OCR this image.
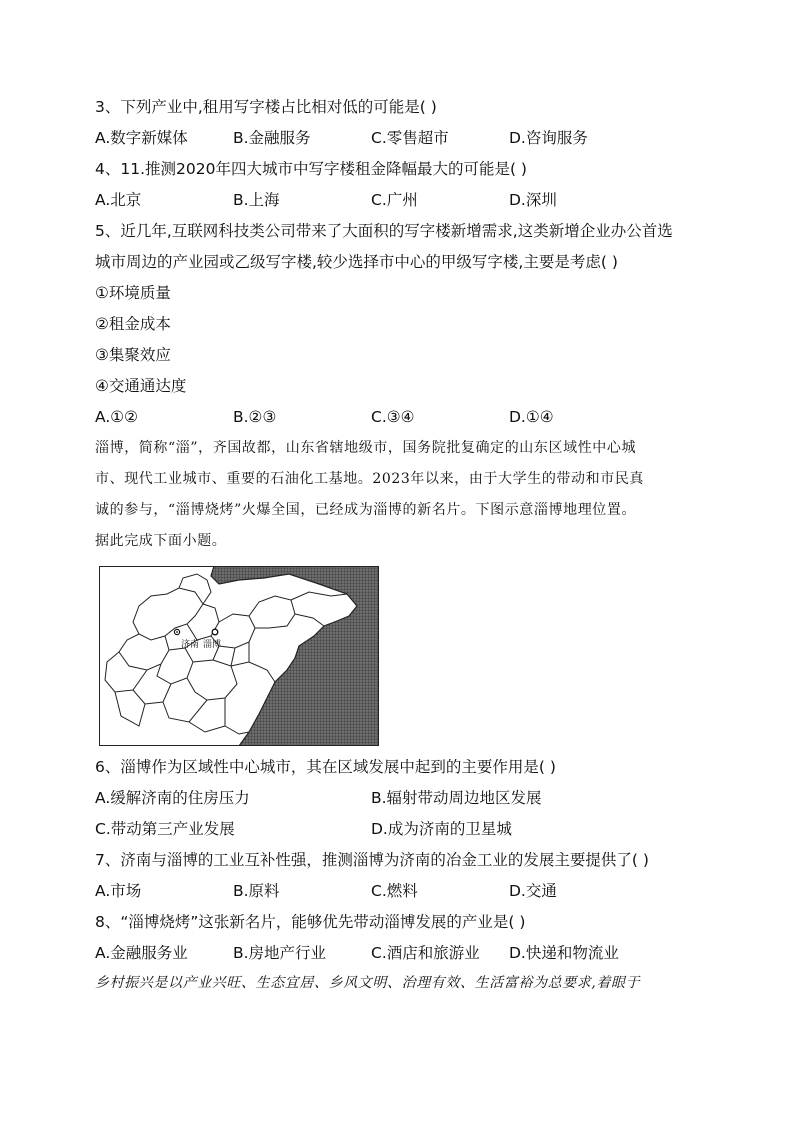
3、下列产业中,租用写字楼占比相对低的可能是( )
A.数字新媒体	B.金融服务	C.零售超市	D.咨询服务
4、11.推测2020年四大城市中写字楼租金降幅最大的可能是( )
A.北京	B.上海	C.广州	D.深圳
5、近几年,互联网科技类公司带来了大面积的写字楼新增需求,这类新增企业办公首选
城市周边的产业园或乙级写字楼,较少选择市中心的甲级写字楼,主要是考虑( )
①环境质量
②租金成本
③集聚效应
④交通通达度
A.①②	B.②③	C.③④	D.①④

淄博，简称“淄”，齐国故都，山东省辖地级市，国务院批复确定的山东区域性中心城

市、现代工业城市、重要的石油化工基地。2023年以来，由于大学生的带动和市民真

诚的参与，“淄博烧烤”火爆全国，已经成为淄博的新名片。下图示意淄博地理位置。

据此完成下面小题。

济南 淄博
6、淄博作为区域性中心城市，其在区域发展中起到的主要作用是( )
A.缓解济南的住房压力	B.辐射带动周边地区发展
C.带动第三产业发展	D.成为济南的卫星城
7、济南与淄博的工业互补性强，推测淄博为济南的冶金工业的发展主要提供了( )
A.市场	B.原料	C.燃料	D.交通
8、“淄博烧烤”这张新名片，能够优先带动淄博发展的产业是( )
A.金融服务业	B.房地产行业	C.酒店和旅游业 D.快递和物流业

乡村振兴是以产业兴旺、生态宜居、乡风文明、治理有效、生活富裕为总要求,着眼于
